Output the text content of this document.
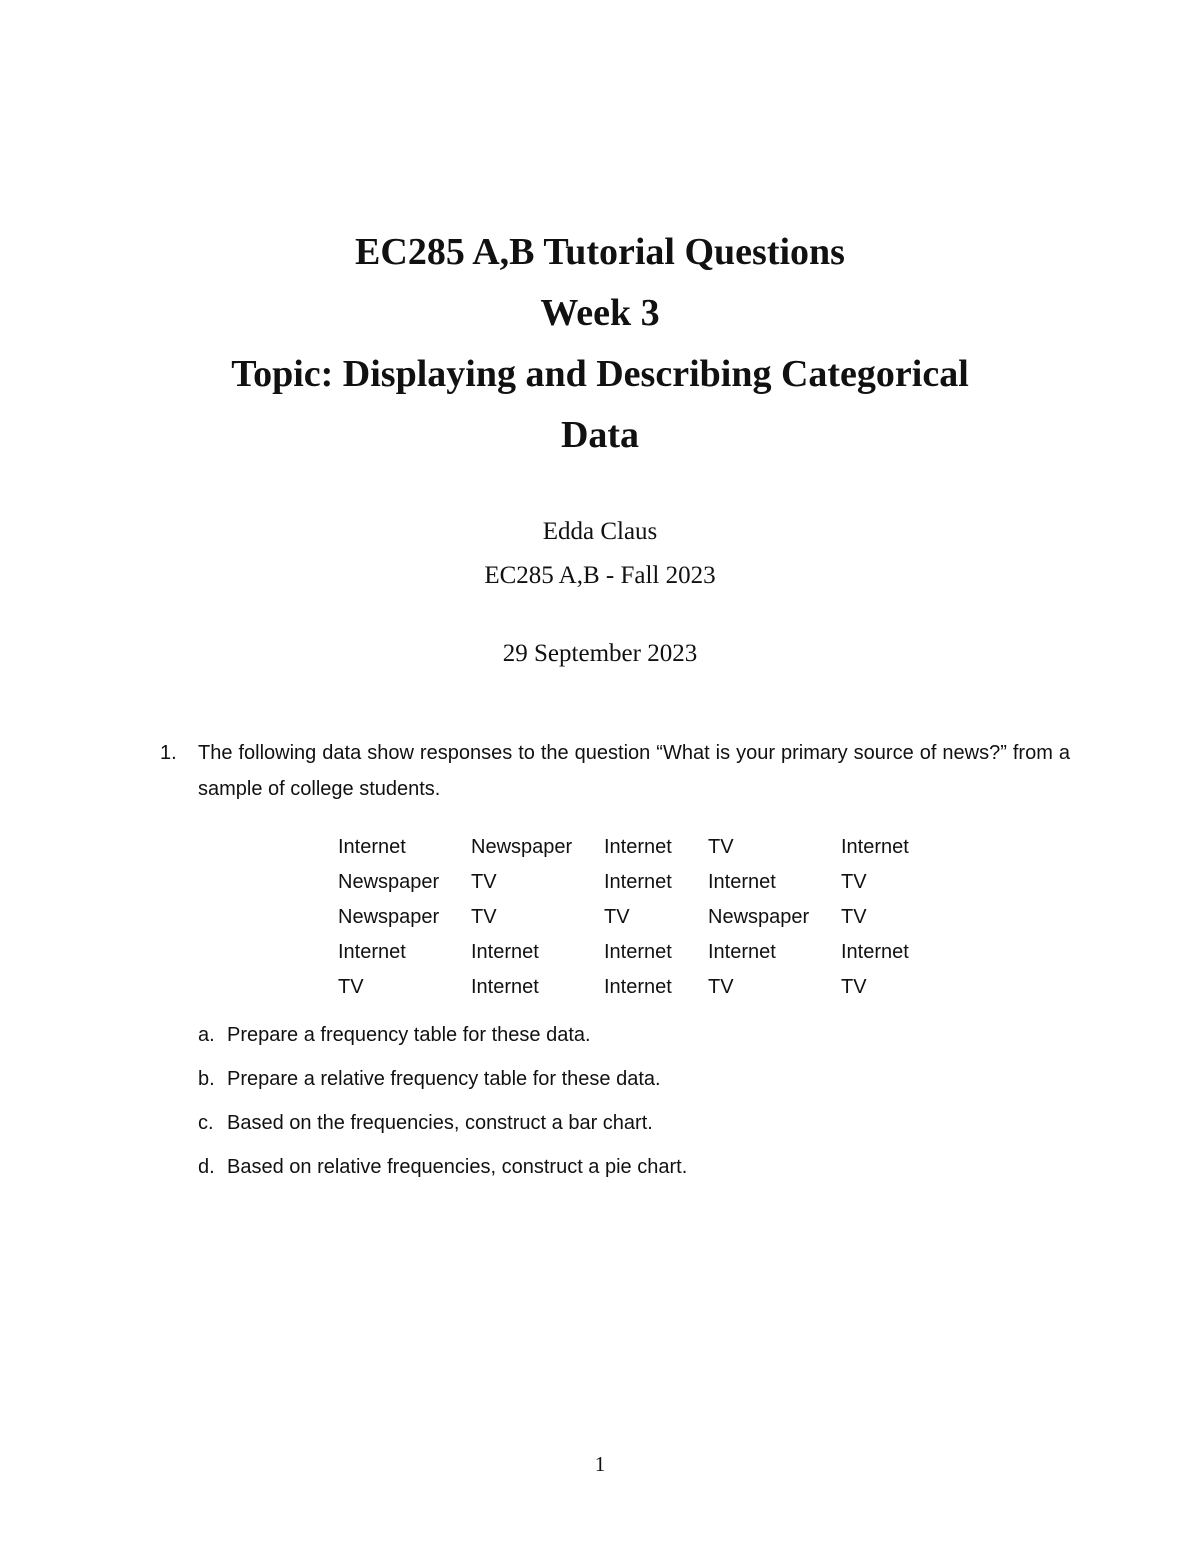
EC285 A,B Tutorial Questions
Week 3
Topic: Displaying and Describing Categorical
Data
Edda Claus
EC285 A,B - Fall 2023
29 September 2023
1. The following data show responses to the question “What is your primary source of news?” from a sample of college students.
Internet	Newspaper	Internet	TV	Internet
Newspaper	TV	Internet	Internet	TV
Newspaper	TV	TV	Newspaper	TV
Internet	Internet	Internet	Internet	Internet
TV	Internet	Internet	TV	TV
a. Prepare a frequency table for these data.
b. Prepare a relative frequency table for these data.
c. Based on the frequencies, construct a bar chart.
d. Based on relative frequencies, construct a pie chart.
1
